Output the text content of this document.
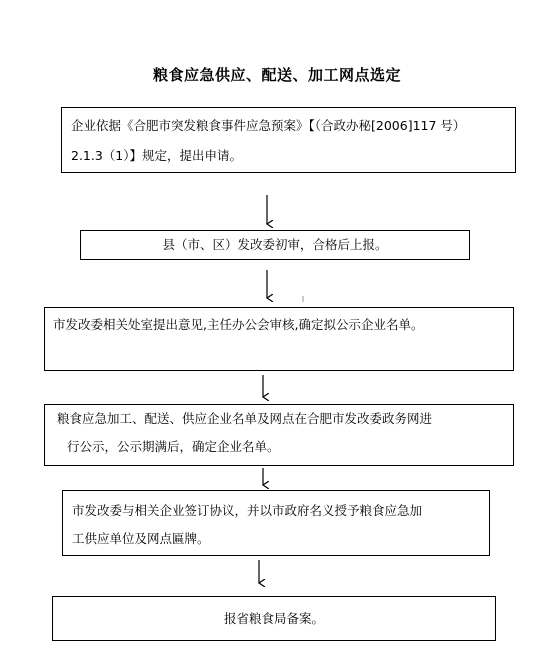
粮食应急供应、配送、加工网点选定

企业依据《合肥市突发粮食事件应急预案》【（合政办秘[2006]117 号）

2.1.3（1）】规定，提出申请。

县（市、区）发改委初审，合格后上报。

市发改委相关处室提出意见,主任办公会审核,确定拟公示企业名单。

粮食应急加工、配送、供应企业名单及网点在合肥市发改委政务网进

行公示，公示期满后，确定企业名单。

市发改委与相关企业签订协议，并以市政府名义授予粮食应急加

工供应单位及网点匾牌。

报省粮食局备案。
